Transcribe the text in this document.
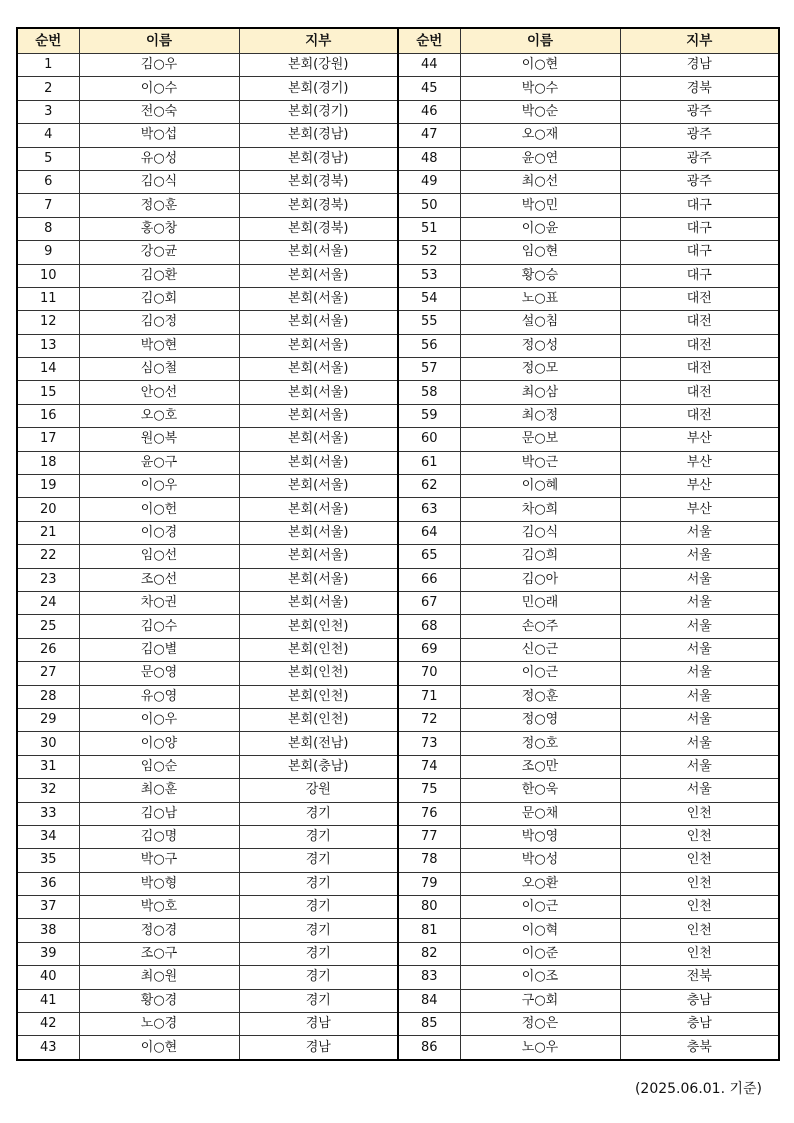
순번	이름	지부	순번	이름	지부
1	김○우	본회(강원)	44	이○현	경남
2	이○수	본회(경기)	45	박○수	경북
3	전○숙	본회(경기)	46	박○순	광주
4	박○섭	본회(경남)	47	오○재	광주
5	유○성	본회(경남)	48	윤○연	광주
6	김○식	본회(경북)	49	최○선	광주
7	정○훈	본회(경북)	50	박○민	대구
8	홍○창	본회(경북)	51	이○윤	대구
9	강○균	본회(서울)	52	임○현	대구
10	김○환	본회(서울)	53	황○승	대구
11	김○회	본회(서울)	54	노○표	대전
12	김○정	본회(서울)	55	설○침	대전
13	박○현	본회(서울)	56	정○성	대전
14	심○철	본회(서울)	57	정○모	대전
15	안○선	본회(서울)	58	최○삼	대전
16	오○호	본회(서울)	59	최○정	대전
17	원○복	본회(서울)	60	문○보	부산
18	윤○구	본회(서울)	61	박○근	부산
19	이○우	본회(서울)	62	이○혜	부산
20	이○헌	본회(서울)	63	차○희	부산
21	이○경	본회(서울)	64	김○식	서울
22	임○선	본회(서울)	65	김○희	서울
23	조○선	본회(서울)	66	김○아	서울
24	차○권	본회(서울)	67	민○래	서울
25	김○수	본회(인천)	68	손○주	서울
26	김○별	본회(인천)	69	신○근	서울
27	문○영	본회(인천)	70	이○근	서울
28	유○영	본회(인천)	71	정○훈	서울
29	이○우	본회(인천)	72	정○영	서울
30	이○양	본회(전남)	73	정○호	서울
31	임○순	본회(충남)	74	조○만	서울
32	최○훈	강원	75	한○욱	서울
33	김○남	경기	76	문○채	인천
34	김○명	경기	77	박○영	인천
35	박○구	경기	78	박○성	인천
36	박○형	경기	79	오○환	인천
37	박○호	경기	80	이○근	인천
38	정○경	경기	81	이○혁	인천
39	조○구	경기	82	이○준	인천
40	최○원	경기	83	이○조	전북
41	황○경	경기	84	구○회	충남
42	노○경	경남	85	정○은	충남
43	이○현	경남	86	노○우	충북
(2025.06.01. 기준)
